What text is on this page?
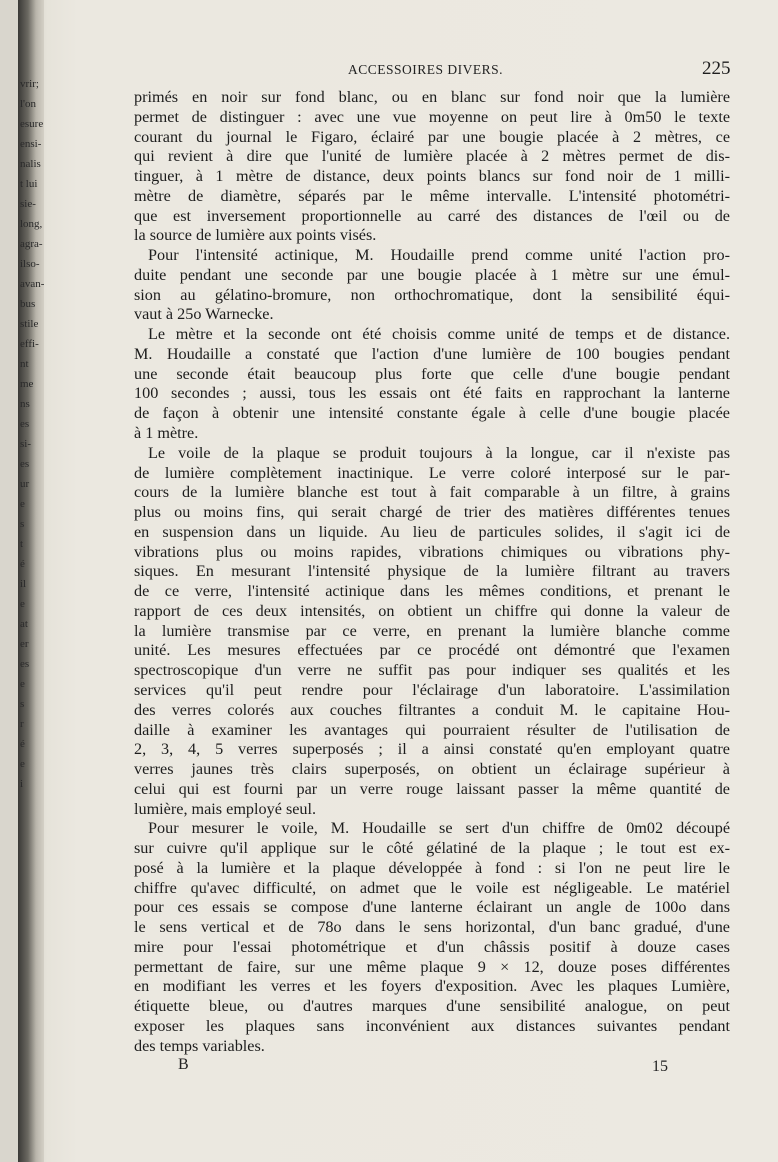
vrir;
l'on
esure
ensi-
nalis
t lui
sie-
long,
agra-
ilso-
avan-
bus
stile
effi-
nt
me
ns
es
si-
es
ur
e
s
t
é
il
e
at
er
es
e
s
r
é
e
i
ACCESSOIRES DIVERS.	225
primés en noir sur fond blanc, ou en blanc sur fond noir que la lumière
permet de distinguer : avec une vue moyenne on peut lire à 0m50 le texte
courant du journal le Figaro, éclairé par une bougie placée à 2 mètres, ce
qui revient à dire que l'unité de lumière placée à 2 mètres permet de dis-
tinguer, à 1 mètre de distance, deux points blancs sur fond noir de 1 milli-
mètre de diamètre, séparés par le même intervalle. L'intensité photométri-
que est inversement proportionnelle au carré des distances de l'œil ou de
la source de lumière aux points visés.
Pour l'intensité actinique, M. Houdaille prend comme unité l'action pro-
duite pendant une seconde par une bougie placée à 1 mètre sur une émul-
sion au gélatino-bromure, non orthochromatique, dont la sensibilité équi-
vaut à 25o Warnecke.
Le mètre et la seconde ont été choisis comme unité de temps et de distance.
M. Houdaille a constaté que l'action d'une lumière de 100 bougies pendant
une seconde était beaucoup plus forte que celle d'une bougie pendant
100 secondes ; aussi, tous les essais ont été faits en rapprochant la lanterne
de façon à obtenir une intensité constante égale à celle d'une bougie placée
à 1 mètre.
Le voile de la plaque se produit toujours à la longue, car il n'existe pas
de lumière complètement inactinique. Le verre coloré interposé sur le par-
cours de la lumière blanche est tout à fait comparable à un filtre, à grains
plus ou moins fins, qui serait chargé de trier des matières différentes tenues
en suspension dans un liquide. Au lieu de particules solides, il s'agit ici de
vibrations plus ou moins rapides, vibrations chimiques ou vibrations phy-
siques. En mesurant l'intensité physique de la lumière filtrant au travers
de ce verre, l'intensité actinique dans les mêmes conditions, et prenant le
rapport de ces deux intensités, on obtient un chiffre qui donne la valeur de
la lumière transmise par ce verre, en prenant la lumière blanche comme
unité. Les mesures effectuées par ce procédé ont démontré que l'examen
spectroscopique d'un verre ne suffit pas pour indiquer ses qualités et les
services qu'il peut rendre pour l'éclairage d'un laboratoire. L'assimilation
des verres colorés aux couches filtrantes a conduit M. le capitaine Hou-
daille à examiner les avantages qui pourraient résulter de l'utilisation de
2, 3, 4, 5 verres superposés ; il a ainsi constaté qu'en employant quatre
verres jaunes très clairs superposés, on obtient un éclairage supérieur à
celui qui est fourni par un verre rouge laissant passer la même quantité de
lumière, mais employé seul.
Pour mesurer le voile, M. Houdaille se sert d'un chiffre de 0m02 découpé
sur cuivre qu'il applique sur le côté gélatiné de la plaque ; le tout est ex-
posé à la lumière et la plaque développée à fond : si l'on ne peut lire le
chiffre qu'avec difficulté, on admet que le voile est négligeable. Le matériel
pour ces essais se compose d'une lanterne éclairant un angle de 100o dans
le sens vertical et de 78o dans le sens horizontal, d'un banc gradué, d'une
mire pour l'essai photométrique et d'un châssis positif à douze cases
permettant de faire, sur une même plaque 9 × 12, douze poses différentes
en modifiant les verres et les foyers d'exposition. Avec les plaques Lumière,
étiquette bleue, ou d'autres marques d'une sensibilité analogue, on peut
exposer les plaques sans inconvénient aux distances suivantes pendant
des temps variables.
B	15
